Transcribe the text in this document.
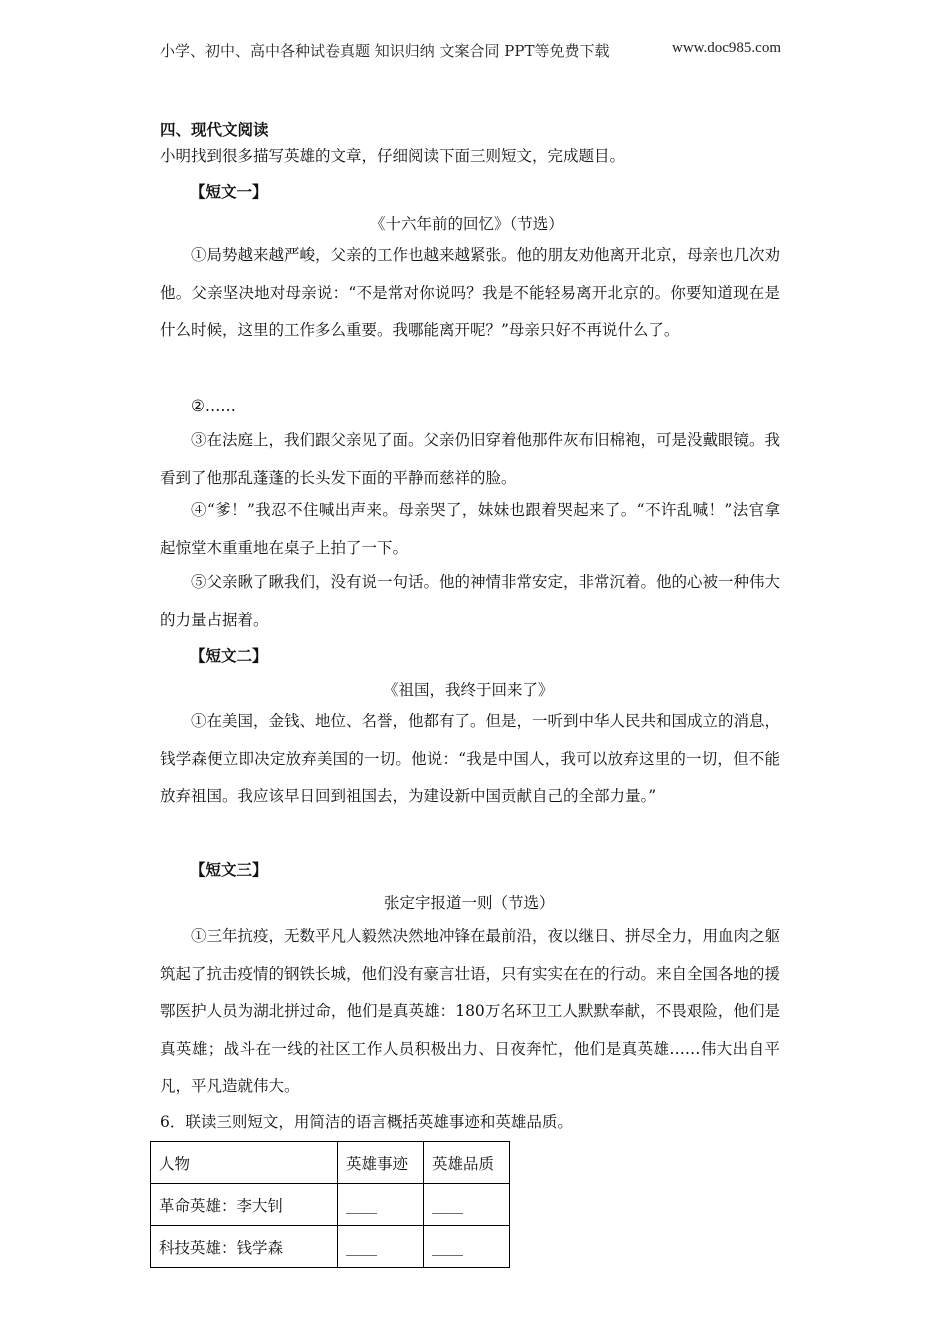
小学、初中、高中各种试卷真题 知识归纳 文案合同 PPT等免费下载	www.doc985.com
四、现代文阅读
小明找到很多描写英雄的文章，仔细阅读下面三则短文，完成题目。
【短文一】
《十六年前的回忆》（节选）
①局势越来越严峻，父亲的工作也越来越紧张。他的朋友劝他离开北京，母亲也几次劝他。父亲坚决地对母亲说：“不是常对你说吗？我是不能轻易离开北京的。你要知道现在是什么时候，这里的工作多么重要。我哪能离开呢？”母亲只好不再说什么了。
②……
③在法庭上，我们跟父亲见了面。父亲仍旧穿着他那件灰布旧棉袍，可是没戴眼镜。我看到了他那乱蓬蓬的长头发下面的平静而慈祥的脸。
④“爹！”我忍不住喊出声来。母亲哭了，妹妹也跟着哭起来了。“不许乱喊！”法官拿起惊堂木重重地在桌子上拍了一下。
⑤父亲瞅了瞅我们，没有说一句话。他的神情非常安定，非常沉着。他的心被一种伟大的力量占据着。
【短文二】
《祖国，我终于回来了》
①在美国，金钱、地位、名誉，他都有了。但是，一听到中华人民共和国成立的消息，钱学森便立即决定放弃美国的一切。他说：“我是中国人，我可以放弃这里的一切，但不能放弃祖国。我应该早日回到祖国去，为建设新中国贡献自己的全部力量。”
【短文三】
张定宇报道一则（节选）
①三年抗疫，无数平凡人毅然决然地冲锋在最前沿，夜以继日、拼尽全力，用血肉之躯筑起了抗击疫情的钢铁长城，他们没有豪言壮语，只有实实在在的行动。来自全国各地的援鄂医护人员为湖北拼过命，他们是真英雄：180万名环卫工人默默奉献，不畏艰险，他们是真英雄；战斗在一线的社区工作人员积极出力、日夜奔忙，他们是真英雄……伟大出自平凡，平凡造就伟大。
6．联读三则短文，用简洁的语言概括英雄事迹和英雄品质。
人物	英雄事迹	英雄品质
革命英雄：李大钊	____	____
科技英雄：钱学森	____	____
